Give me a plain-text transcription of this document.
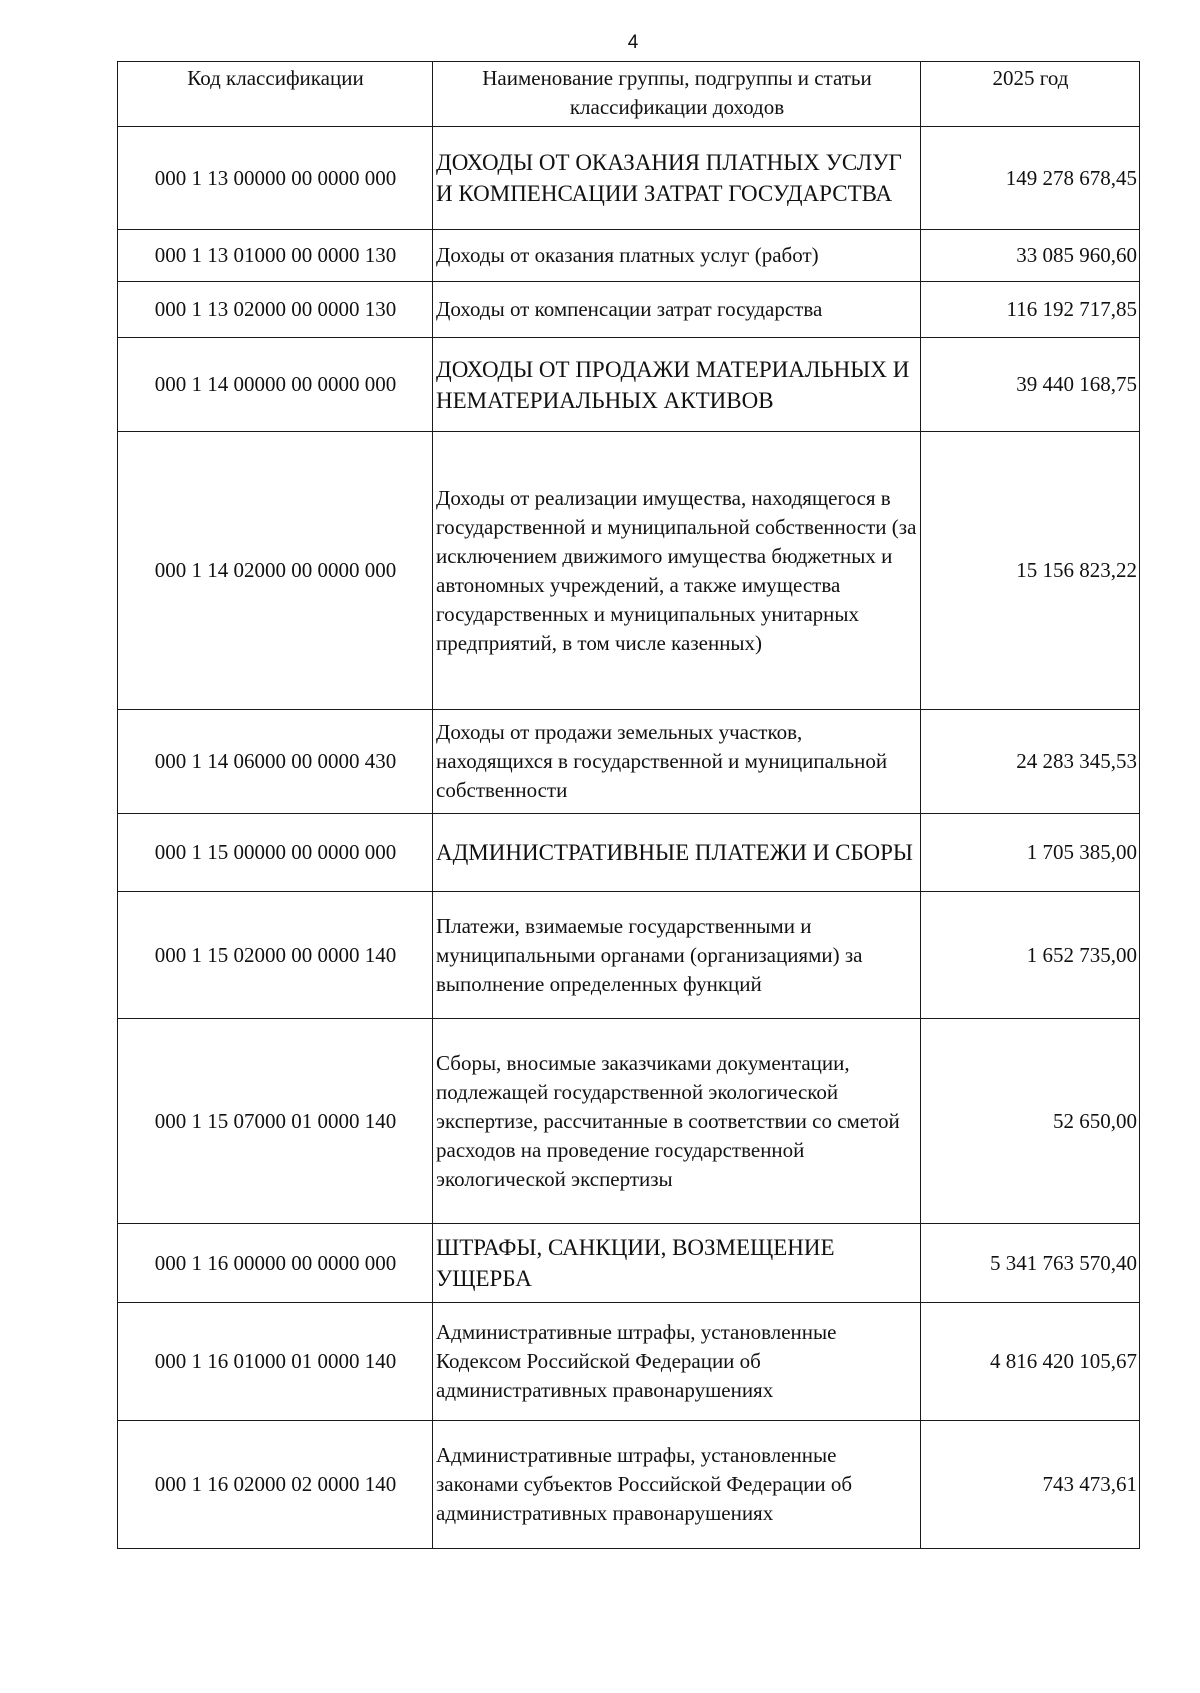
4
Код классификации	Наименование группы, подгруппы и статьи классификации доходов	2025 год
000 1 13 00000 00 0000 000	ДОХОДЫ ОТ ОКАЗАНИЯ ПЛАТНЫХ УСЛУГ И КОМПЕНСАЦИИ ЗАТРАТ ГОСУДАРСТВА	149 278 678,45
000 1 13 01000 00 0000 130	Доходы от оказания платных услуг (работ)	33 085 960,60
000 1 13 02000 00 0000 130	Доходы от компенсации затрат государства	116 192 717,85
000 1 14 00000 00 0000 000	ДОХОДЫ ОТ ПРОДАЖИ МАТЕРИАЛЬНЫХ И НЕМАТЕРИАЛЬНЫХ АКТИВОВ	39 440 168,75
000 1 14 02000 00 0000 000	Доходы от реализации имущества, находящегося в государственной и муниципальной собственности (за исключением движимого имущества бюджетных и автономных учреждений, а также имущества государственных и муниципальных унитарных предприятий, в том числе казенных)	15 156 823,22
000 1 14 06000 00 0000 430	Доходы от продажи земельных участков, находящихся в государственной и муниципальной собственности	24 283 345,53
000 1 15 00000 00 0000 000	АДМИНИСТРАТИВНЫЕ ПЛАТЕЖИ И СБОРЫ	1 705 385,00
000 1 15 02000 00 0000 140	Платежи, взимаемые государственными и муниципальными органами (организациями) за выполнение определенных функций	1 652 735,00
000 1 15 07000 01 0000 140	Сборы, вносимые заказчиками документации, подлежащей государственной экологической экспертизе, рассчитанные в соответствии со сметой расходов на проведение государственной экологической экспертизы	52 650,00
000 1 16 00000 00 0000 000	ШТРАФЫ, САНКЦИИ, ВОЗМЕЩЕНИЕ УЩЕРБА	5 341 763 570,40
000 1 16 01000 01 0000 140	Административные штрафы, установленные Кодексом Российской Федерации об административных правонарушениях	4 816 420 105,67
000 1 16 02000 02 0000 140	Административные штрафы, установленные законами субъектов Российской Федерации об административных правонарушениях	743 473,61
